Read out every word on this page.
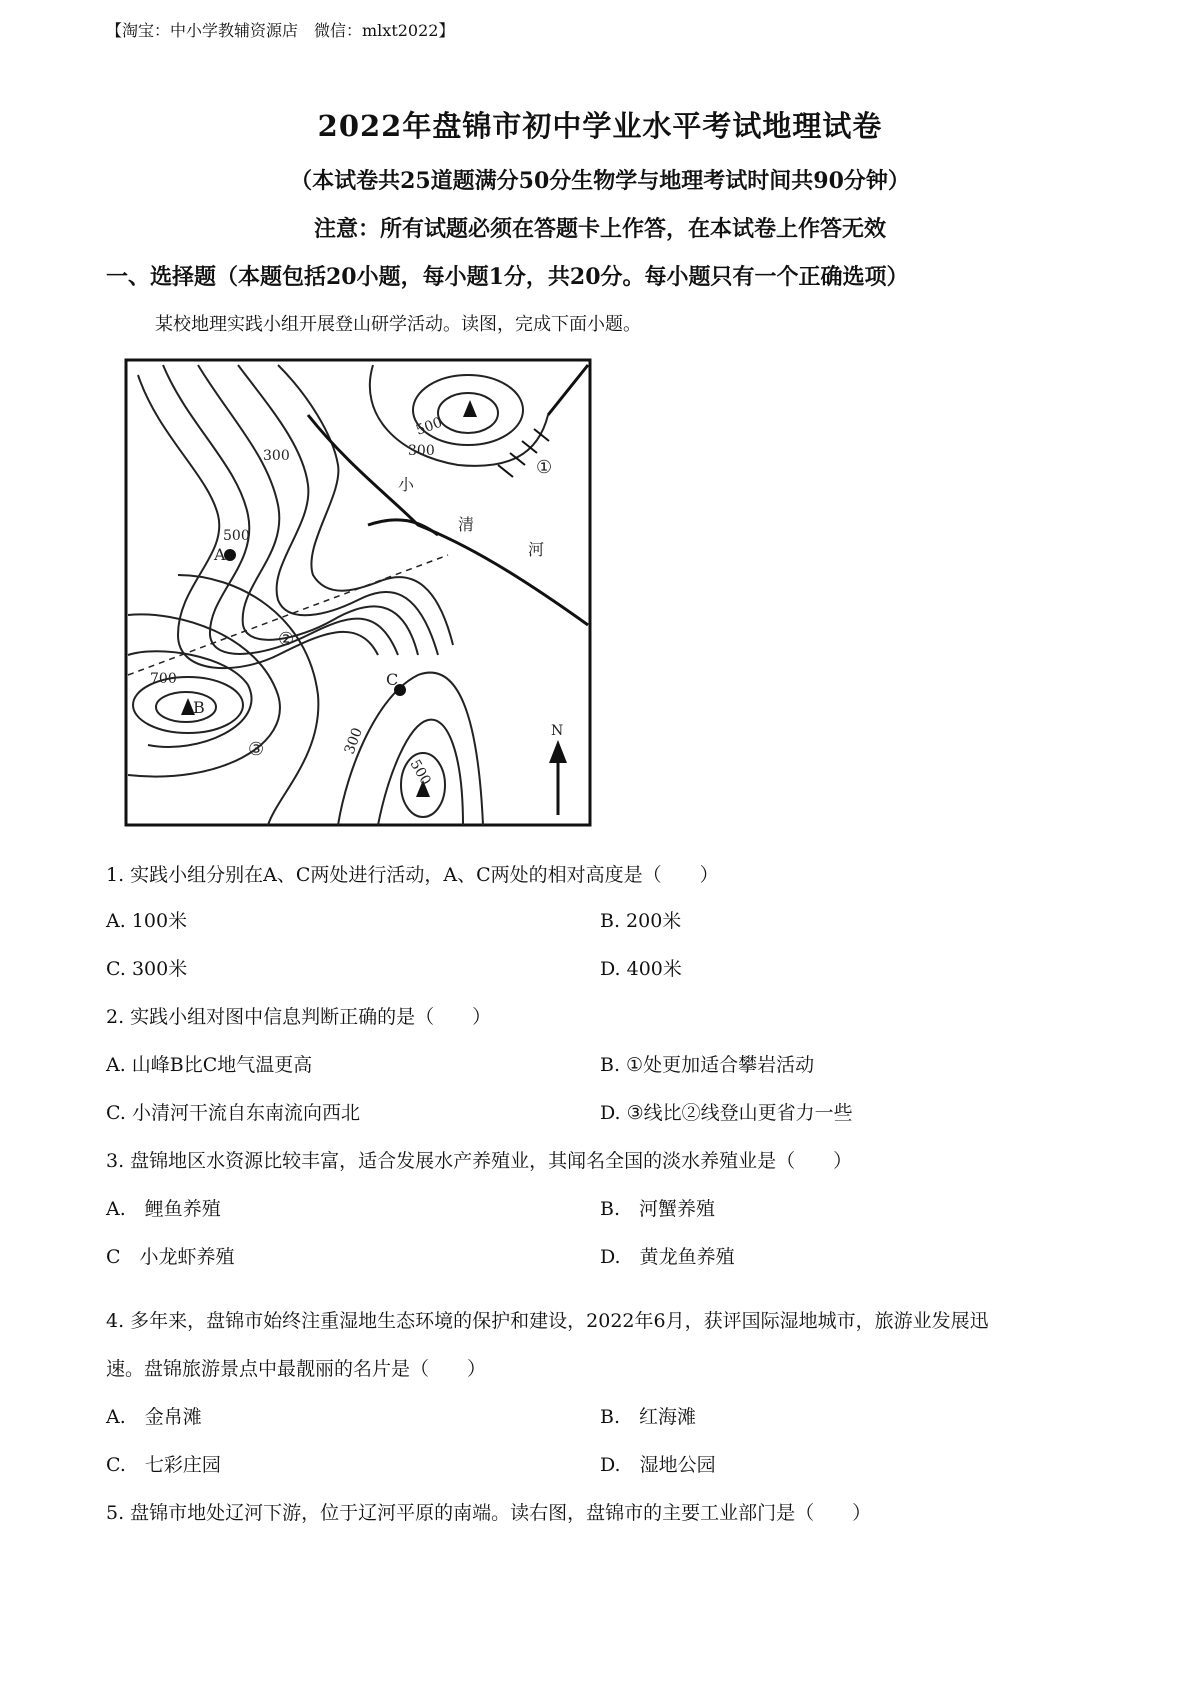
【淘宝：中小学教辅资源店　微信：mlxt2022】
2022年盘锦市初中学业水平考试地理试卷
（本试卷共25道题满分50分生物学与地理考试时间共90分钟）
注意：所有试题必须在答题卡上作答，在本试卷上作答无效
一、选择题（本题包括20小题，每小题1分，共20分。每小题只有一个正确选项）
某校地理实践小组开展登山研学活动。读图，完成下面小题。
300
500
300
500
700
300
500
A
B
C
①
②
③
小
清
河
N
1. 实践小组分别在A、C两处进行活动，A、C两处的相对高度是（　　）
A. 100米	B. 200米
C. 300米	D. 400米
2. 实践小组对图中信息判断正确的是（　　）
A. 山峰B比C地气温更高	B. ①处更加适合攀岩活动
C. 小清河干流自东南流向西北	D. ③线比②线登山更省力一些
3. 盘锦地区水资源比较丰富，适合发展水产养殖业，其闻名全国的淡水养殖业是（　　）
A.　鲤鱼养殖	B.　河蟹养殖
C　小龙虾养殖	D.　黄龙鱼养殖
4. 多年来，盘锦市始终注重湿地生态环境的保护和建设，2022年6月，获评国际湿地城市，旅游业发展迅
速。盘锦旅游景点中最靓丽的名片是（　　）
A.　金帛滩	B.　红海滩
C.　七彩庄园	D.　湿地公园
5. 盘锦市地处辽河下游，位于辽河平原的南端。读右图，盘锦市的主要工业部门是（　　）
